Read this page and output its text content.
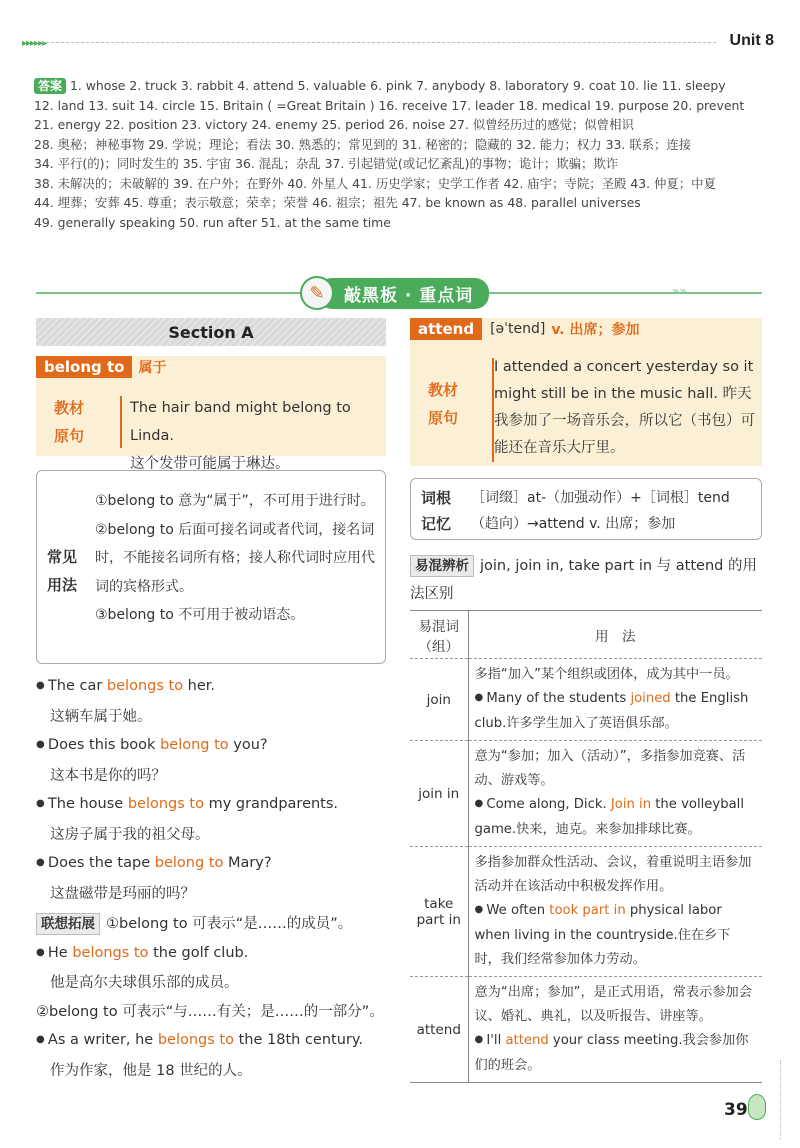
▸▸▸▸▸▸	Unit 8
答案 1. whose 2. truck 3. rabbit 4. attend 5. valuable 6. pink 7. anybody 8. laboratory 9. coat 10. lie 11. sleepy
12. land 13. suit 14. circle 15. Britain ( =Great Britain ) 16. receive 17. leader 18. medical 19. purpose 20. prevent
21. energy 22. position 23. victory 24. enemy 25. period 26. noise 27. 似曾经历过的感觉；似曾相识
28. 奥秘；神秘事物 29. 学说；理论；看法 30. 熟悉的；常见到的 31. 秘密的；隐藏的 32. 能力；权力 33. 联系；连接
34. 平行(的)；同时发生的 35. 宇宙 36. 混乱；杂乱 37. 引起错觉(或记忆紊乱)的事物；诡计；欺骗；欺诈
38. 未解决的；未破解的 39. 在户外；在野外 40. 外星人 41. 历史学家；史学工作者 42. 庙宇；寺院；圣殿 43. 仲夏；中夏
44. 埋葬；安葬 45. 尊重；表示敬意；荣幸；荣誉 46. 祖宗；祖先 47. be known as 48. parallel universes
49. generally speaking 50. run after 51. at the same time
»»
✎	敲黑板 · 重点词
Section A
belong to	属于
教材
原句
The hair band might belong to Linda.
这个发带可能属于琳达。
常见
用法
①belong to 意为“属于”，不可用于进行时。
②belong to 后面可接名词或者代词，接名词时，不能接名词所有格；接人称代词时应用代词的宾格形式。
③belong to 不可用于被动语态。
● The car belongs to her.
这辆车属于她。
● Does this book belong to you?
这本书是你的吗？
● The house belongs to my grandparents.
这房子属于我的祖父母。
● Does the tape belong to Mary?
这盘磁带是玛丽的吗？
联想拓展 ①belong to 可表示“是……的成员”。
● He belongs to the golf club.
他是高尔夫球俱乐部的成员。
②belong to 可表示“与……有关；是……的一部分”。
● As a writer, he belongs to the 18th century.
作为作家，他是 18 世纪的人。
attend	[əˈtend] v. 出席；参加
教材
原句
I attended a concert yesterday so it might still be in the music hall. 昨天我参加了一场音乐会，所以它（书包）可能还在音乐大厅里。
词根
记忆
［词缀］at-（加强动作）+［词根］tend（趋向）→attend v. 出席；参加
易混辨析 join, join in, take part in 与 attend 的用法区别
易混词
（组）	用　法
join	多指“加入”某个组织或团体，成为其中一员。
● Many of the students joined the English club.许多学生加入了英语俱乐部。

join in	意为“参加；加入（活动）”，多指参加竞赛、活动、游戏等。
● Come along, Dick. Join in the volleyball game.快来，迪克。来参加排球比赛。

take part in	多指参加群众性活动、会议，着重说明主语参加活动并在该活动中积极发挥作用。
● We often took part in physical labor when living in the countryside.住在乡下时，我们经常参加体力劳动。

attend	意为“出席；参加”，是正式用语，常表示参加会议、婚礼、典礼，以及听报告、讲座等。
● I'll attend your class meeting.我会参加你们的班会。
39
